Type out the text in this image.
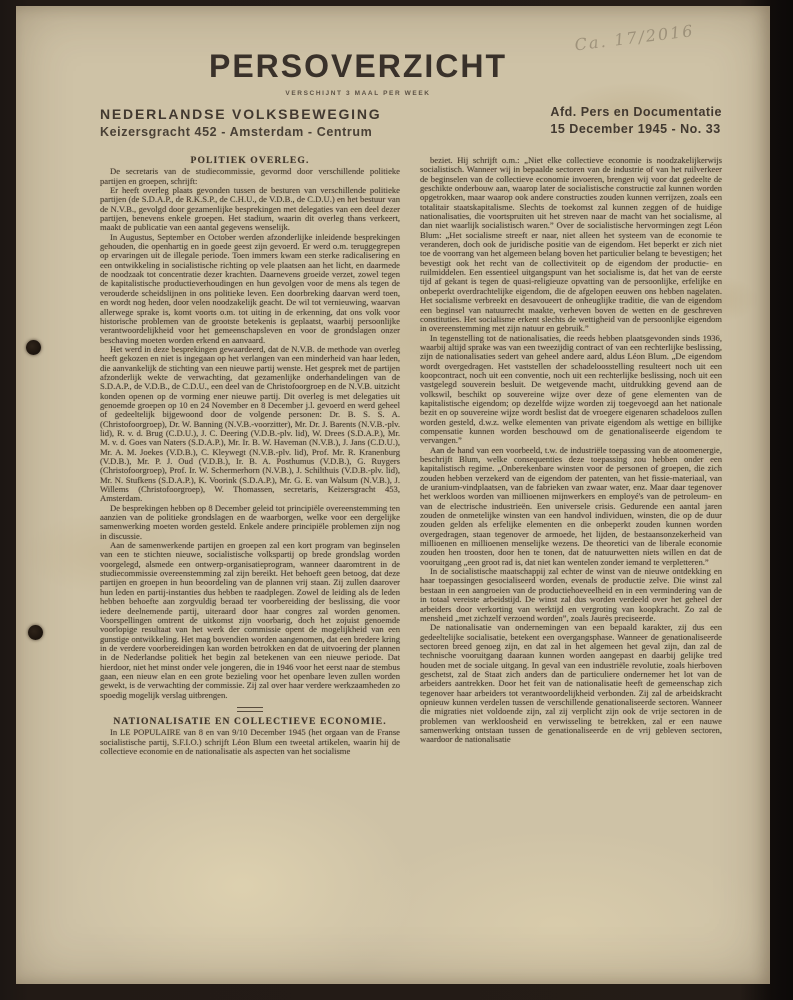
Ca. 17/2016
PERSOVERZICHT
VERSCHIJNT 3 MAAL PER WEEK
NEDERLANDSE VOLKSBEWEGING
Keizersgracht 452 - Amsterdam - Centrum
Afd. Pers en Documentatie
15 December 1945 - No. 33
POLITIEK OVERLEG.

De secretaris van de studiecommissie, gevormd door verschillende politieke partijen en groepen, schrijft:

Er heeft overleg plaats gevonden tussen de besturen van verschillende politieke partijen (de S.D.A.P., de R.K.S.P., de C.H.U., de V.D.B., de C.D.U.) en het bestuur van de N.V.B., gevolgd door gezamenlijke besprekingen met delegaties van een deel dezer partijen, benevens enkele groepen. Het stadium, waarin dit overleg thans verkeert, maakt de publicatie van een aantal gegevens wenselijk.

In Augustus, September en October werden afzonderlijke inleidende besprekingen gehouden, die openhartig en in goede geest zijn gevoerd. Er werd o.m. teruggegrepen op ervaringen uit de illegale periode. Toen immers kwam een sterke radicalisering en een ontwikkeling in socialistische richting op vele plaatsen aan het licht, en daarmede de noodzaak tot concentratie dezer krachten. Daarnevens groeide verzet, zowel tegen de kapitalistische productieverhoudingen en hun gevolgen voor de mens als tegen de verouderde scheidslijnen in ons politieke leven. Een doorbreking daarvan werd toen, en wordt nog heden, door velen noodzakelijk geacht. De wil tot vernieuwing, waarvan allerwege sprake is, komt voorts o.m. tot uiting in de erkenning, dat ons volk voor historische problemen van de grootste betekenis is geplaatst, waarbij persoonlijke verantwoordelijkheid voor het gemeenschapsleven en voor de grondslagen onzer beschaving moeten worden erkend en aanvaard.

Het werd in deze besprekingen gewaardeerd, dat de N.V.B. de methode van overleg heeft gekozen en niet is ingegaan op het verlangen van een minderheid van haar leden, die aanvankelijk de stichting van een nieuwe partij wenste. Het gesprek met de partijen afzonderlijk wekte de verwachting, dat gezamenlijke onderhandelingen van de S.D.A.P., de V.D.B., de C.D.U., een deel van de Christofoorgroep en de N.V.B. uitzicht konden openen op de vorming ener nieuwe partij. Dit overleg is met delegaties uit genoemde groepen op 10 en 24 November en 8 December j.l. gevoerd en werd geheel of gedeeltelijk bijgewoond door de volgende personen: Dr. B. S. S. A. (Christofoorgroep), Dr. W. Banning (N.V.B.-voorzitter), Mr. Dr. J. Barents (N.V.B.-plv. lid), R. v. d. Brug (C.D.U.), J. C. Deering (V.D.B.-plv. lid), W. Drees (S.D.A.P.), Mr. M. v. d. Goes van Naters (S.D.A.P.), Mr. Ir. B. W. Haveman (N.V.B.), J. Jans (C.D.U.), Mr. A. M. Joekes (V.D.B.), C. Kleywegt (N.V.B.-plv. lid), Prof. Mr. R. Kranenburg (V.D.B.), Mr. P. J. Oud (V.D.B.), Ir. B. A. Posthumus (V.D.B.), G. Ruygers (Christofoorgroep), Prof. Ir. W. Schermerhorn (N.V.B.), J. Schilthuis (V.D.B.-plv. lid), Mr. N. Stufkens (S.D.A.P.), K. Voorink (S.D.A.P.), Mr. G. E. van Walsum (N.V.B.), J. Willems (Christofoorgroep), W. Thomassen, secretaris, Keizersgracht 453, Amsterdam.

De besprekingen hebben op 8 December geleid tot principiële overeenstemming ten aanzien van de politieke grondslagen en de waarborgen, welke voor een dergelijke samenwerking moeten worden gesteld. Enkele andere principiële problemen zijn nog in discussie.

Aan de samenwerkende partijen en groepen zal een kort program van beginselen van een te stichten nieuwe, socialistische volkspartij op brede grondslag worden voorgelegd, alsmede een ontwerp-organisatieprogram, wanneer daaromtrent in de studiecommissie overeenstemming zal zijn bereikt. Het behoeft geen betoog, dat deze partijen en groepen in hun beoordeling van de plannen vrij staan. Zij zullen daarover hun leden en partij-instanties dus hebben te raadplegen. Zowel de leiding als de leden hebben behoefte aan zorgvuldig beraad ter voorbereiding der beslissing, die voor iedere deelnemende partij, uiteraard door haar congres zal worden genomen. Voorspellingen omtrent de uitkomst zijn voorbarig, doch het zojuist genoemde voorlopige resultaat van het werk der commissie opent de mogelijkheid van een gunstige ontwikkeling. Het mag bovendien worden aangenomen, dat een bredere kring in de verdere voorbereidingen kan worden betrokken en dat de uitvoering der plannen in de Nederlandse politiek het begin zal betekenen van een nieuwe periode. Dat hierdoor, niet het minst onder vele jongeren, die in 1946 voor het eerst naar de stembus gaan, een nieuw elan en een grote bezieling voor het openbare leven zullen worden gewekt, is de verwachting der commissie. Zij zal over haar verdere werkzaamheden zo spoedig mogelijk verslag uitbrengen.

NATIONALISATIE EN COLLECTIEVE ECONOMIE.

In LE POPULAIRE van 8 en van 9/10 December 1945 (het orgaan van de Franse socialistische partij, S.F.I.O.) schrijft Léon Blum een tweetal artikelen, waarin hij de collectieve economie en de nationalisatie als aspecten van het socialisme

beziet. Hij schrijft o.m.: „Niet elke collectieve economie is noodzakelijkerwijs socialistisch. Wanneer wij in bepaalde sectoren van de industrie of van het ruilverkeer de beginselen van de collectieve economie invoeren, brengen wij voor dat gedeelte de geschikte onderbouw aan, waarop later de socialistische constructie zal kunnen worden opgetrokken, maar waarop ook andere constructies zouden kunnen verrijzen, zoals een totalitair staatskapitalisme. Slechts de toekomst zal kunnen zeggen of de huidige nationalisaties, die voortspruiten uit het streven naar de macht van het socialisme, al dan niet waarlijk socialistisch waren.” Over de socialistische hervormingen zegt Léon Blum: „Het socialisme streeft er naar, niet alleen het systeem van de economie te veranderen, doch ook de juridische positie van de eigendom. Het beperkt er zich niet toe de voorrang van het algemeen belang boven het particulier belang te bevestigen; het bevestigt ook het recht van de collectiviteit op de eigendom der productie- en ruilmiddelen. Een essentieel uitgangspunt van het socialisme is, dat het van de eerste tijd af gekant is tegen de quasi-religieuze opvatting van de persoonlijke, erfelijke en onbeperkt overdrachtelijke eigendom, die de afgelopen eeuwen ons hebben nagelaten. Het socialisme verbreekt en desavoueert de onheuglijke traditie, die van de eigendom een beginsel van natuurrecht maakte, verheven boven de wetten en de geschreven constituties. Het socialisme erkent slechts de wettigheid van de persoonlijke eigendom in overeenstemming met zijn natuur en gebruik.”

In tegenstelling tot de nationalisaties, die reeds hebben plaatsgevonden sinds 1936, waarbij altijd sprake was van een tweezijdig contract of van een rechterlijke beslissing, zijn de nationalisaties sedert van geheel andere aard, aldus Léon Blum. „De eigendom wordt overgedragen. Het vaststellen der schadeloosstelling resulteert noch uit een koopcontract, noch uit een conventie, noch uit een rechterlijke beslissing, noch uit een vastgelegd souverein besluit. De wetgevende macht, uitdrukking gevend aan de volkswil, beschikt op souvereine wijze over deze of gene elementen van de kapitalistische eigendom; op dezelfde wijze worden zij toegevoegd aan het nationale bezit en op souvereine wijze wordt beslist dat de vroegere eigenaren schadeloos zullen worden gesteld, d.w.z. welke elementen van private eigendom als wettige en billijke compensatie kunnen worden beschouwd om de genationaliseerde eigendom te vervangen.”

Aan de hand van een voorbeeld, t.w. de industriële toepassing van de atoomenergie, beschrijft Blum, welke consequenties deze toepassing zou hebben onder een kapitalistisch regime. „Onberekenbare winsten voor de personen of groepen, die zich zouden hebben verzekerd van de eigendom der patenten, van het fissie-materiaal, van de uranium-vindplaatsen, van de fabrieken van zwaar water, enz. Maar daar tegenover het werkloos worden van millioenen mijnwerkers en employé's van de petroleum- en van de electrische industrieën. Een universele crisis. Gedurende een aantal jaren zouden de onmetelijke winsten van een handvol individuen, winsten, die op de duur zouden gelden als erfelijke elementen en die onbeperkt zouden kunnen worden overgedragen, staan tegenover de armoede, het lijden, de bestaansonzekerheid van millioenen en millioenen menselijke wezens. De theoretici van de liberale economie zouden hen troosten, door hen te tonen, dat de natuurwetten niets willen en dat de vooruitgang „een groot rad is, dat niet kan wentelen zonder iemand te verpletteren.”

In de socialistische maatschappij zal echter de winst van de nieuwe ontdekking en haar toepassingen gesocialiseerd worden, evenals de productie zelve. Die winst zal bestaan in een aangroeien van de productiehoeveelheid en in een vermindering van de in totaal vereiste arbeidstijd. De winst zal dus worden verdeeld over het geheel der arbeiders door verkorting van werktijd en vergroting van koopkracht. Zo zal de mensheid „met zichzelf verzoend worden”, zoals Jaurès preciseerde.

De nationalisatie van ondernemingen van een bepaald karakter, zij dus een gedeeltelijke socialisatie, betekent een overgangsphase. Wanneer de genationaliseerde sectoren breed genoeg zijn, en dat zal in het algemeen het geval zijn, dan zal de technische vooruitgang daaraan kunnen worden aangepast en daarbij gelijke tred houden met de sociale uitgang. In geval van een industriële revolutie, zoals hierboven geschetst, zal de Staat zich anders dan de particuliere ondernemer het lot van de arbeiders aantrekken. Door het feit van de nationalisatie heeft de gemeenschap zich tegenover haar arbeiders tot verantwoordelijkheid verbonden. Zij zal de arbeidskracht opnieuw kunnen verdelen tussen de verschillende genationaliseerde sectoren. Wanneer die migraties niet voldoende zijn, zal zij verplicht zijn ook de vrije sectoren in de problemen van werkloosheid en verwisseling te betrekken, zal er een nauwe samenwerking ontstaan tussen de genationaliseerde en de vrij gebleven sectoren, waardoor de nationalisatie
